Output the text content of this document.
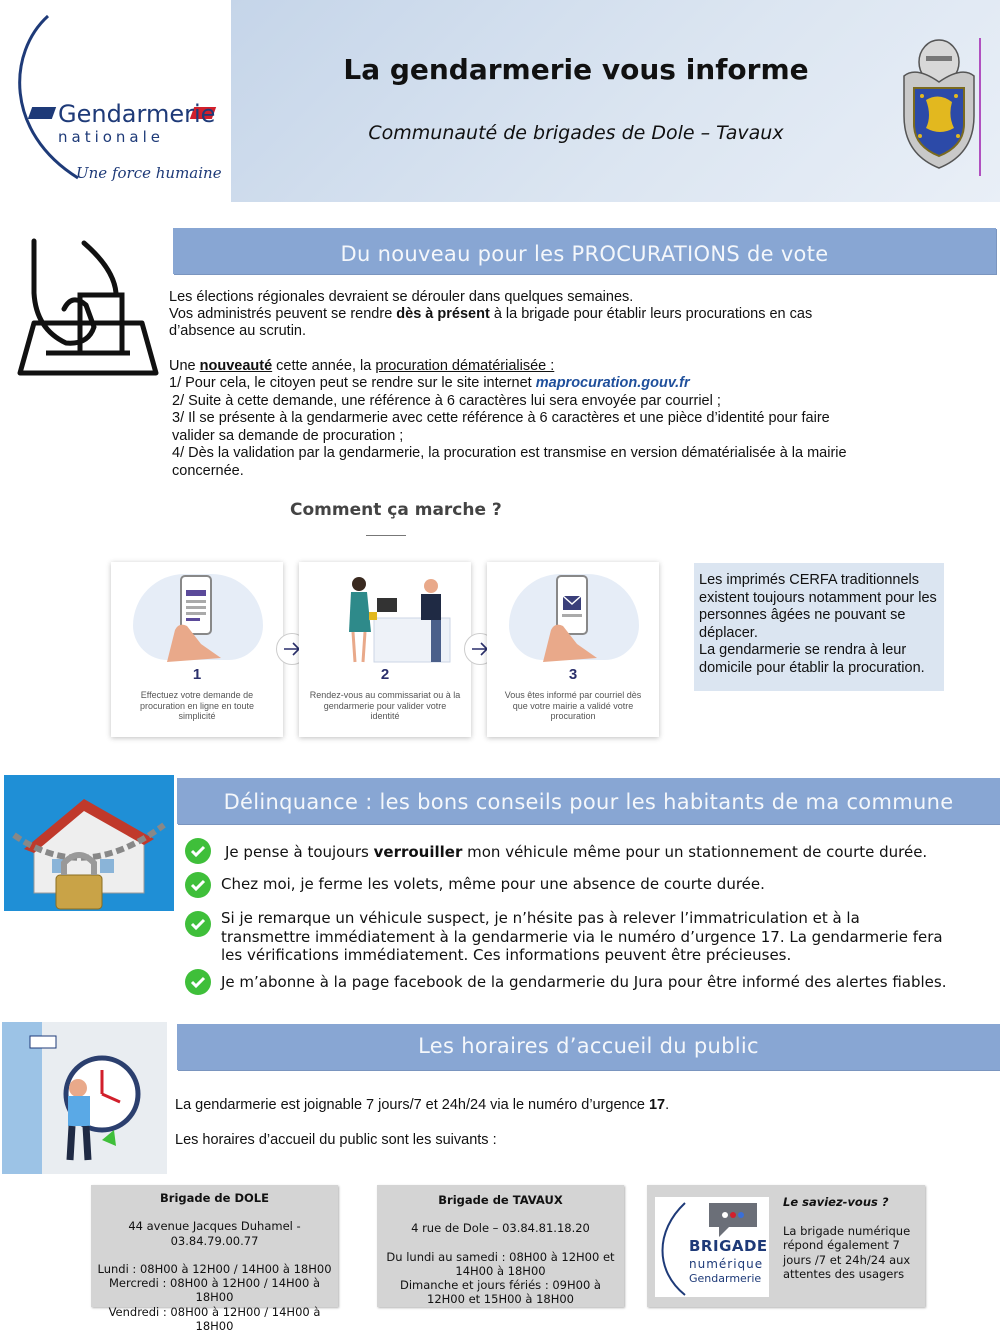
Gendarmerie
nationale
Une force humaine
La gendarmerie vous informe
Communauté de brigades de Dole – Tavaux
Du nouveau pour les PROCURATIONS de vote
Les élections régionales devraient se dérouler dans quelques semaines.
Vos administrés peuvent se rendre dès à présent à la brigade pour établir leurs procurations en cas
d’absence au scrutin.
Une nouveauté cette année, la procuration dématérialisée :
1/ Pour cela, le citoyen peut se rendre sur le site internet maprocuration.gouv.fr
2/ Suite à cette demande, une référence à 6 caractères lui sera envoyée par courriel ;
3/ Il se présente à la gendarmerie avec cette référence à 6 caractères et une pièce d’identité pour faire
valider sa demande de procuration ;
4/ Dès la validation par la gendarmerie, la procuration est transmise en version dématérialisée à la mairie
concernée.
Comment ça marche ?
1
Effectuez votre demande de procuration en ligne en toute simplicité
2
Rendez-vous au commissariat ou à la gendarmerie pour valider votre identité
3
Vous êtes informé par courriel dès que votre mairie a validé votre procuration
Les imprimés CERFA traditionnels existent toujours notamment pour les personnes âgées ne pouvant se déplacer.
La gendarmerie se rendra à leur domicile pour établir la procuration.
Délinquance : les bons conseils pour les habitants de ma commune
Je pense à toujours verrouiller mon véhicule même pour un stationnement de courte durée.
Chez moi, je ferme les volets, même pour une absence de courte durée.
Si je remarque un véhicule suspect, je n’hésite pas à relever l’immatriculation et à la transmettre immédiatement à la gendarmerie via le numéro d’urgence 17. La gendarmerie fera les vérifications immédiatement. Ces informations peuvent être précieuses.
Je m’abonne à la page facebook de la gendarmerie du Jura pour être informé des alertes fiables.
Les horaires d’accueil du public
La gendarmerie est joignable 7 jours/7 et 24h/24 via le numéro d’urgence 17.
Les horaires d’accueil du public sont les suivants :
Brigade de DOLE
44 avenue Jacques Duhamel - 03.84.79.00.77
Lundi : 08H00 à 12H00 / 14H00 à 18H00
Mercredi : 08H00 à 12H00 / 14H00 à 18H00
Vendredi : 08H00 à 12H00 / 14H00 à 18H00
Brigade de TAVAUX
4 rue de Dole – 03.84.81.18.20
Du lundi au samedi : 08H00 à 12H00 et 14H00 à 18H00
Dimanche et jours fériés : 09H00 à 12H00 et 15H00 à 18H00
BRIGADE
numérique
Gendarmerie
Le saviez-vous ?
La brigade numérique répond également 7 jours /7 et 24h/24 aux attentes des usagers
